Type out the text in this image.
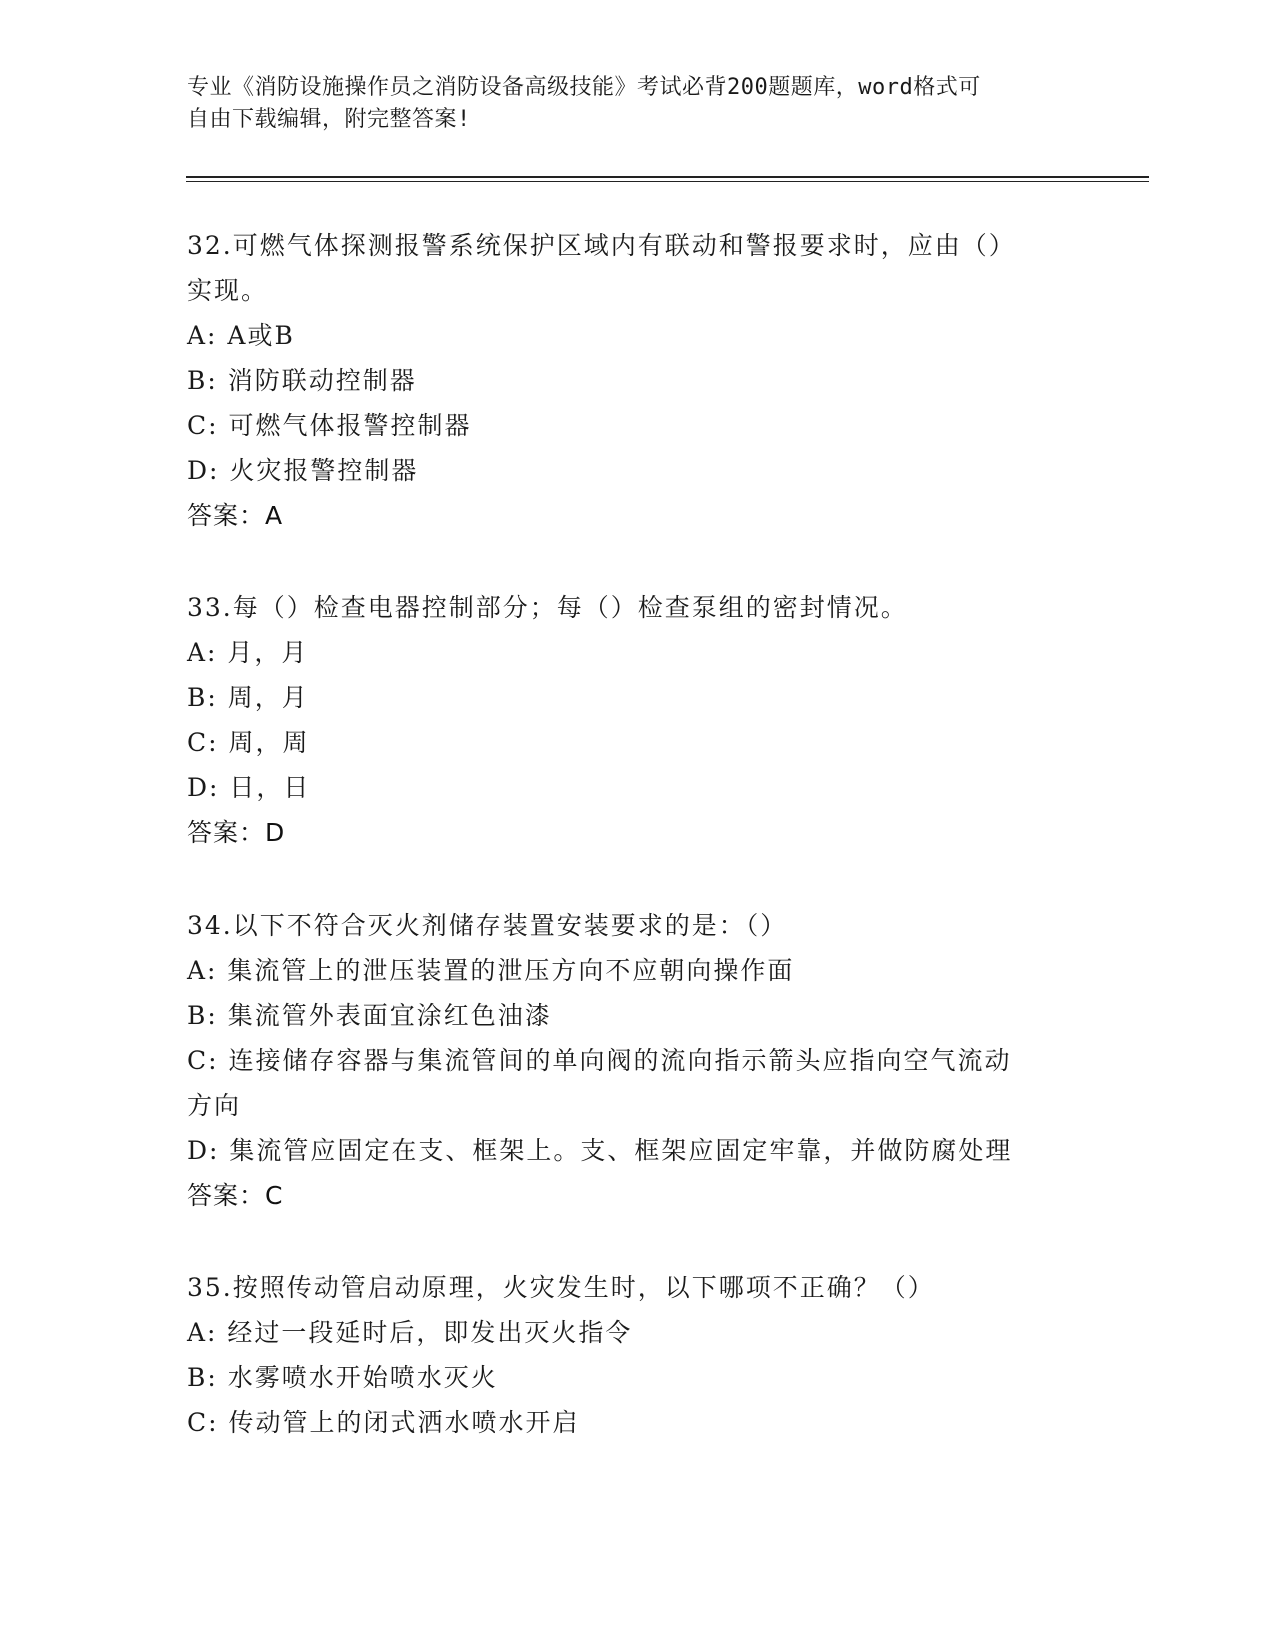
专业《消防设施操作员之消防设备高级技能》考试必背200题题库，word格式可
自由下载编辑，附完整答案!
32.可燃气体探测报警系统保护区域内有联动和警报要求时，应由（）
实现。
A: A或B
B: 消防联动控制器
C: 可燃气体报警控制器
D: 火灾报警控制器
答案：A
33.每（）检查电器控制部分；每（）检查泵组的密封情况。
A: 月，月
B: 周，月
C: 周，周
D: 日，日
答案：D
34.以下不符合灭火剂储存装置安装要求的是：（）
A: 集流管上的泄压装置的泄压方向不应朝向操作面
B: 集流管外表面宜涂红色油漆
C: 连接储存容器与集流管间的单向阀的流向指示箭头应指向空气流动
方向
D: 集流管应固定在支、框架上。支、框架应固定牢靠，并做防腐处理
答案：C
35.按照传动管启动原理，火灾发生时，以下哪项不正确？（）
A: 经过一段延时后，即发出灭火指令
B: 水雾喷水开始喷水灭火
C: 传动管上的闭式洒水喷水开启
